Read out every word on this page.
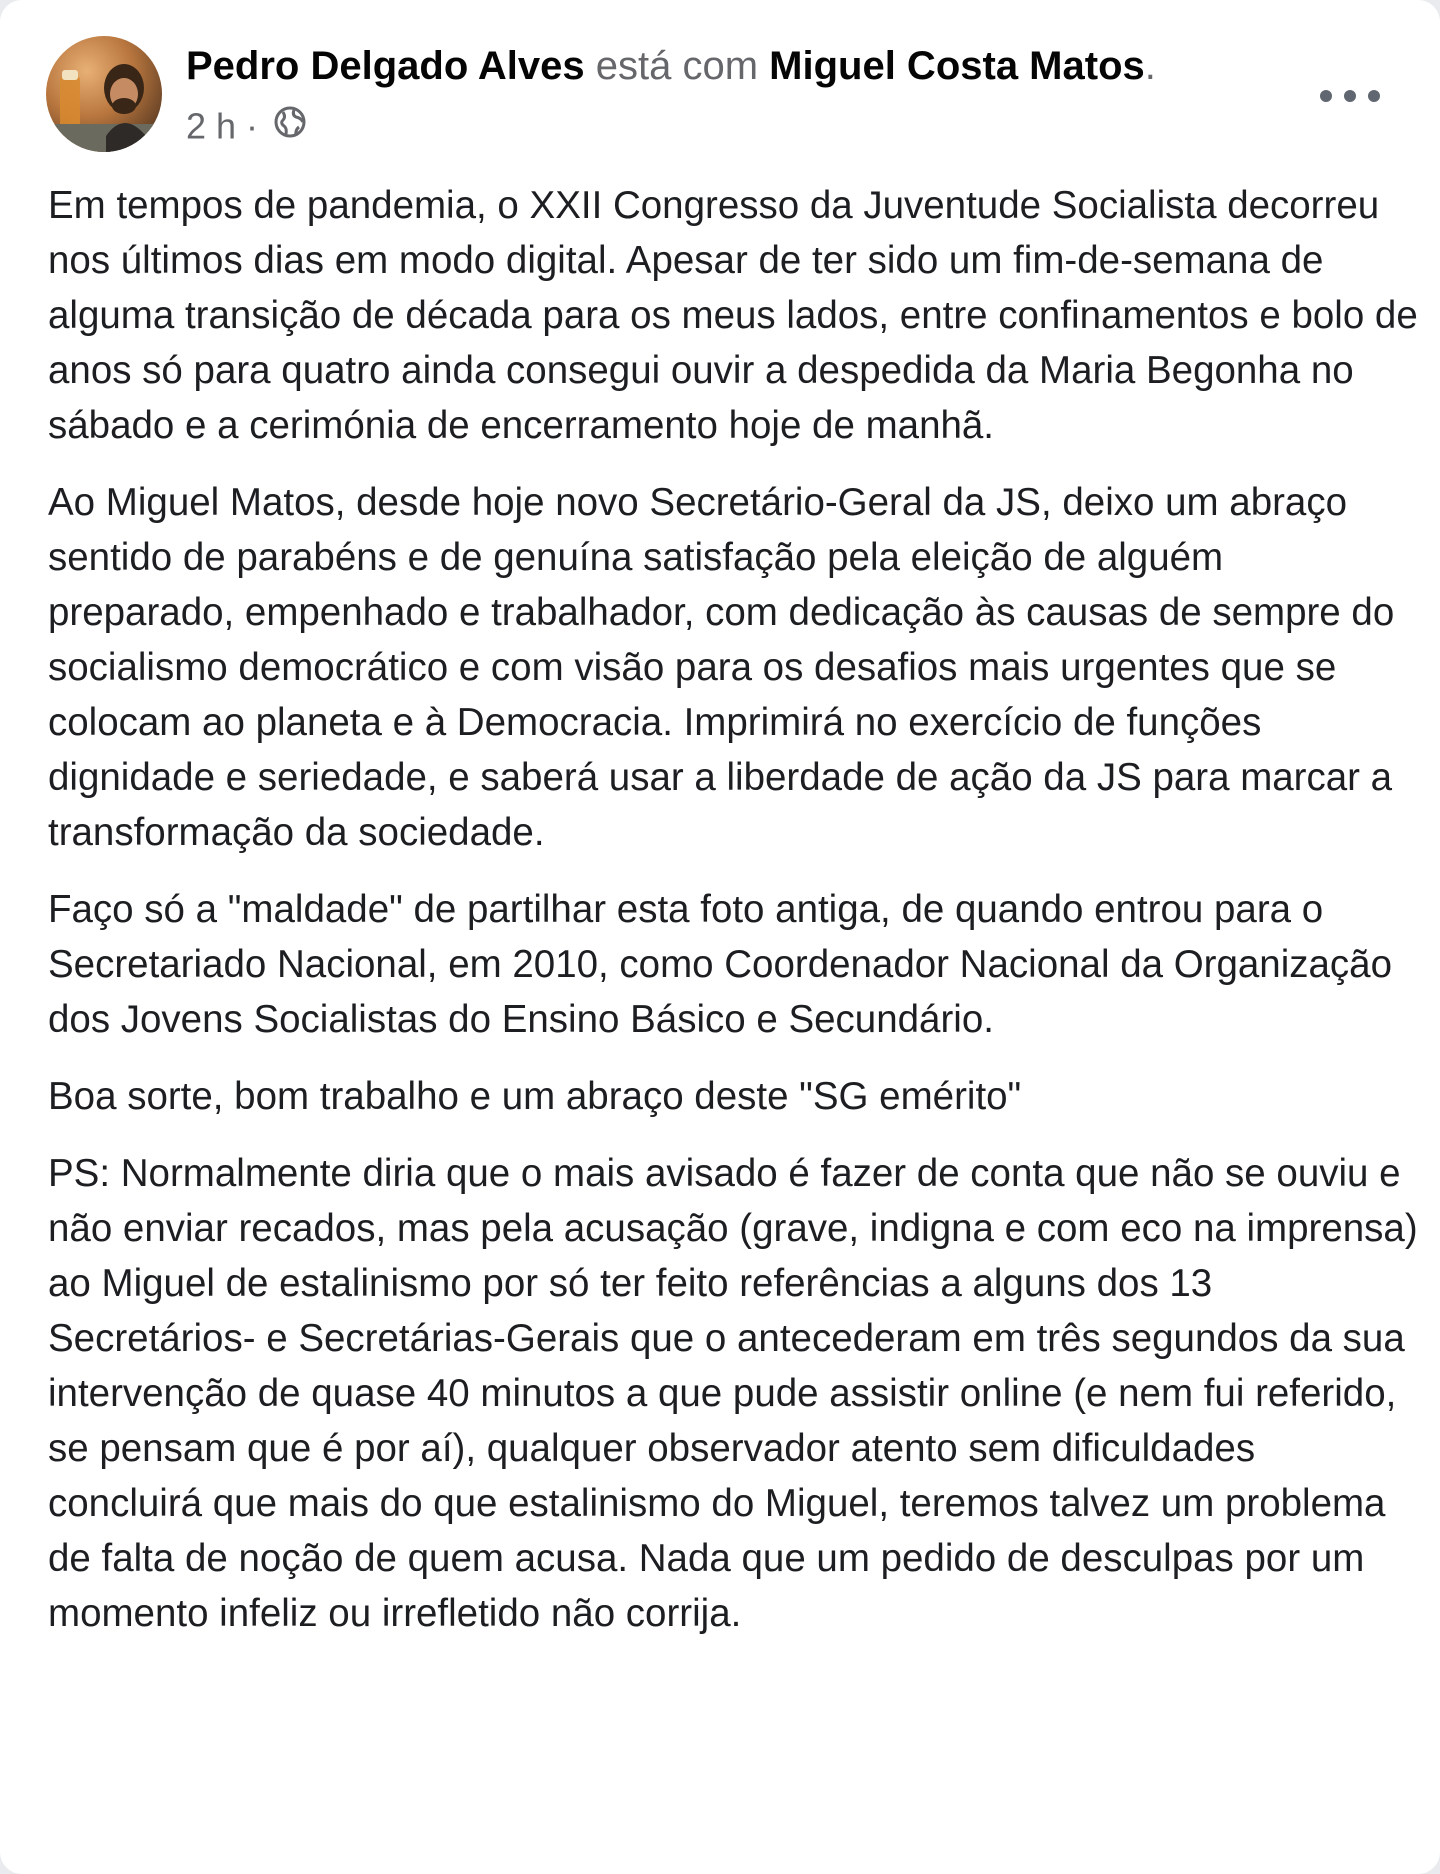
Pedro Delgado Alves está com Miguel Costa Matos.
2 h ·

Em tempos de pandemia, o XXII Congresso da Juventude Socialista decorreu nos últimos dias em modo digital. Apesar de ter sido um fim-de-semana de alguma transição de década para os meus lados, entre confinamentos e bolo de anos só para quatro ainda consegui ouvir a despedida da Maria Begonha no sábado e a cerimónia de encerramento hoje de manhã.

Ao Miguel Matos, desde hoje novo Secretário-Geral da JS, deixo um abraço sentido de parabéns e de genuína satisfação pela eleição de alguém preparado, empenhado e trabalhador, com dedicação às causas de sempre do socialismo democrático e com visão para os desafios mais urgentes que se colocam ao planeta e à Democracia. Imprimirá no exercício de funções dignidade e seriedade, e saberá usar a liberdade de ação da JS para marcar a transformação da sociedade.

Faço só a "maldade" de partilhar esta foto antiga, de quando entrou para o Secretariado Nacional, em 2010, como Coordenador Nacional da Organização dos Jovens Socialistas do Ensino Básico e Secundário.

Boa sorte, bom trabalho e um abraço deste "SG emérito"

PS: Normalmente diria que o mais avisado é fazer de conta que não se ouviu e não enviar recados, mas pela acusação (grave, indigna e com eco na imprensa) ao Miguel de estalinismo por só ter feito referências a alguns dos 13 Secretários- e Secretárias-Gerais que o antecederam em três segundos da sua intervenção de quase 40 minutos a que pude assistir online (e nem fui referido, se pensam que é por aí), qualquer observador atento sem dificuldades concluirá que mais do que estalinismo do Miguel, teremos talvez um problema de falta de noção de quem acusa. Nada que um pedido de desculpas por um momento infeliz ou irrefletido não corrija.
